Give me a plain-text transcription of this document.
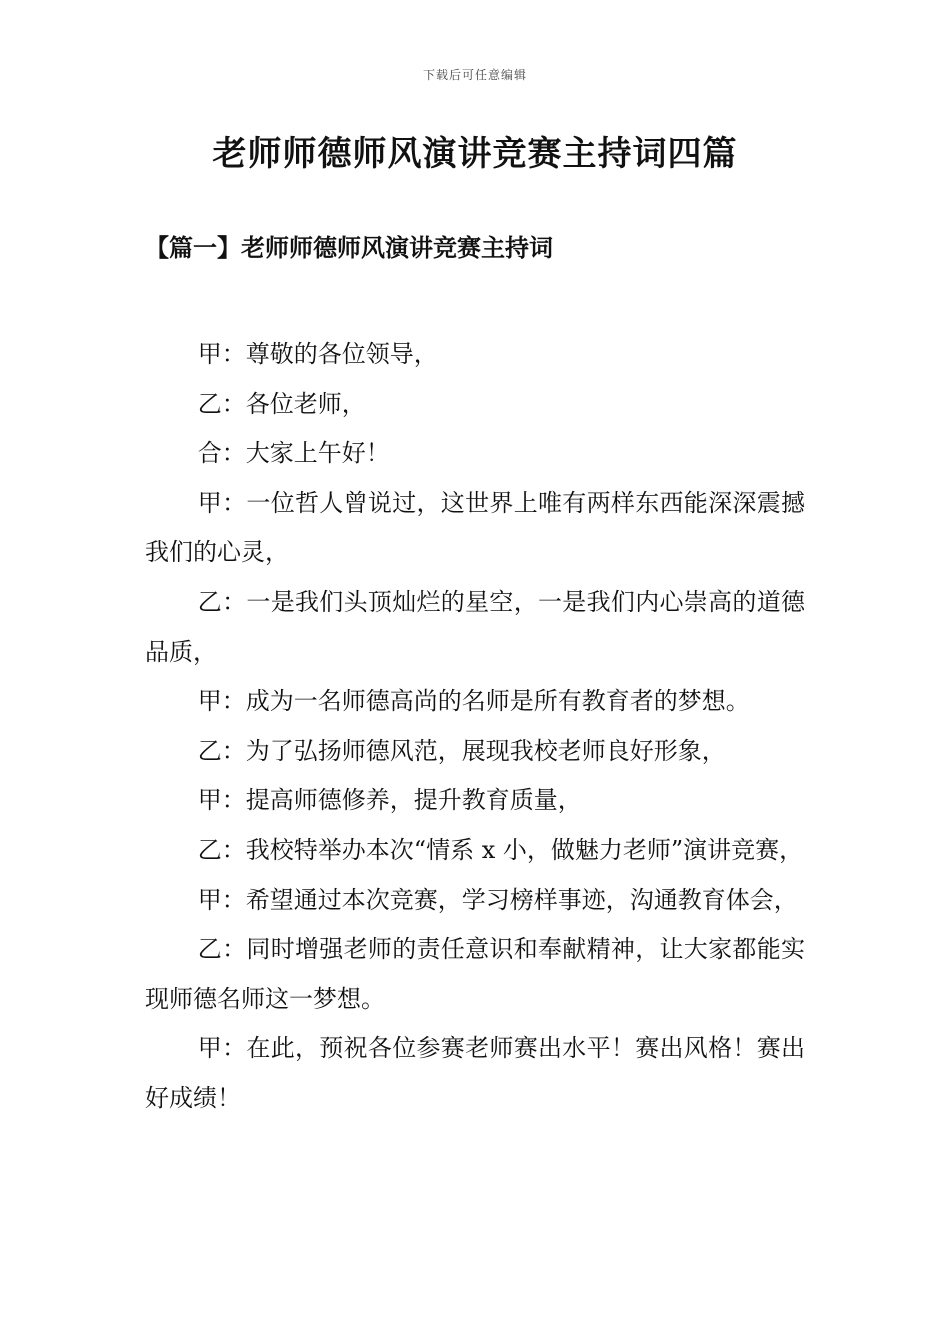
下载后可任意编辑
老师师德师风演讲竞赛主持词四篇
【篇一】老师师德师风演讲竞赛主持词

甲：尊敬的各位领导，

乙：各位老师，

合：大家上午好！

甲：一位哲人曾说过，这世界上唯有两样东西能深深震撼我们的心灵，

乙：一是我们头顶灿烂的星空，一是我们内心崇高的道德品质，

甲：成为一名师德高尚的名师是所有教育者的梦想。

乙：为了弘扬师德风范，展现我校老师良好形象，

甲：提高师德修养，提升教育质量，

乙：我校特举办本次“情系 x 小，做魅力老师”演讲竞赛，

甲：希望通过本次竞赛，学习榜样事迹，沟通教育体会，

乙：同时增强老师的责任意识和奉献精神，让大家都能实现师德名师这一梦想。

甲：在此，预祝各位参赛老师赛出水平！赛出风格！赛出好成绩！
